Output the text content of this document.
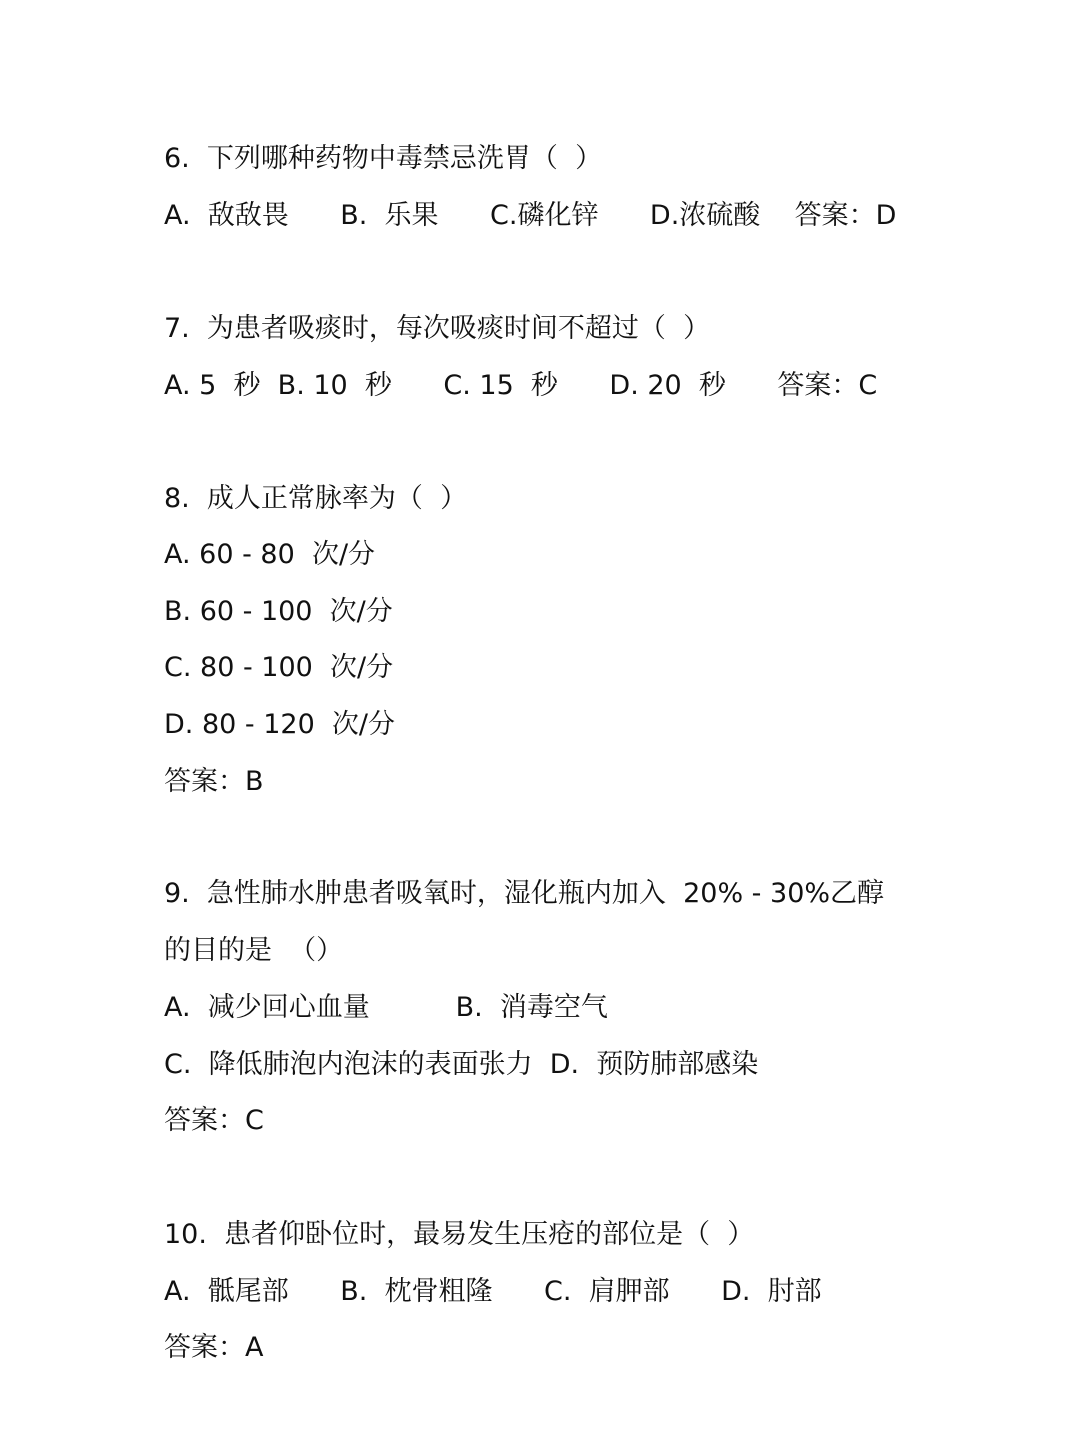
6.  下列哪种药物中毒禁忌洗胃（  ）

A.  敌敌畏      B.  乐果      C.磷化锌      D.浓硫酸    答案：D

7.  为患者吸痰时，每次吸痰时间不超过（  ）

A. 5  秒  B. 10  秒      C. 15  秒      D. 20  秒      答案：C

8.  成人正常脉率为（  ）

A. 60 - 80  次/分

B. 60 - 100  次/分

C. 80 - 100  次/分

D. 80 - 120  次/分

答案：B

9.  急性肺水肿患者吸氧时，湿化瓶内加入  20% - 30%乙醇

的目的是  （）

A.  减少回心血量          B.  消毒空气

C.  降低肺泡内泡沫的表面张力  D.  预防肺部感染

答案：C

10.  患者仰卧位时，最易发生压疮的部位是（  ）

A.  骶尾部      B.  枕骨粗隆      C.  肩胛部      D.  肘部

答案：A
